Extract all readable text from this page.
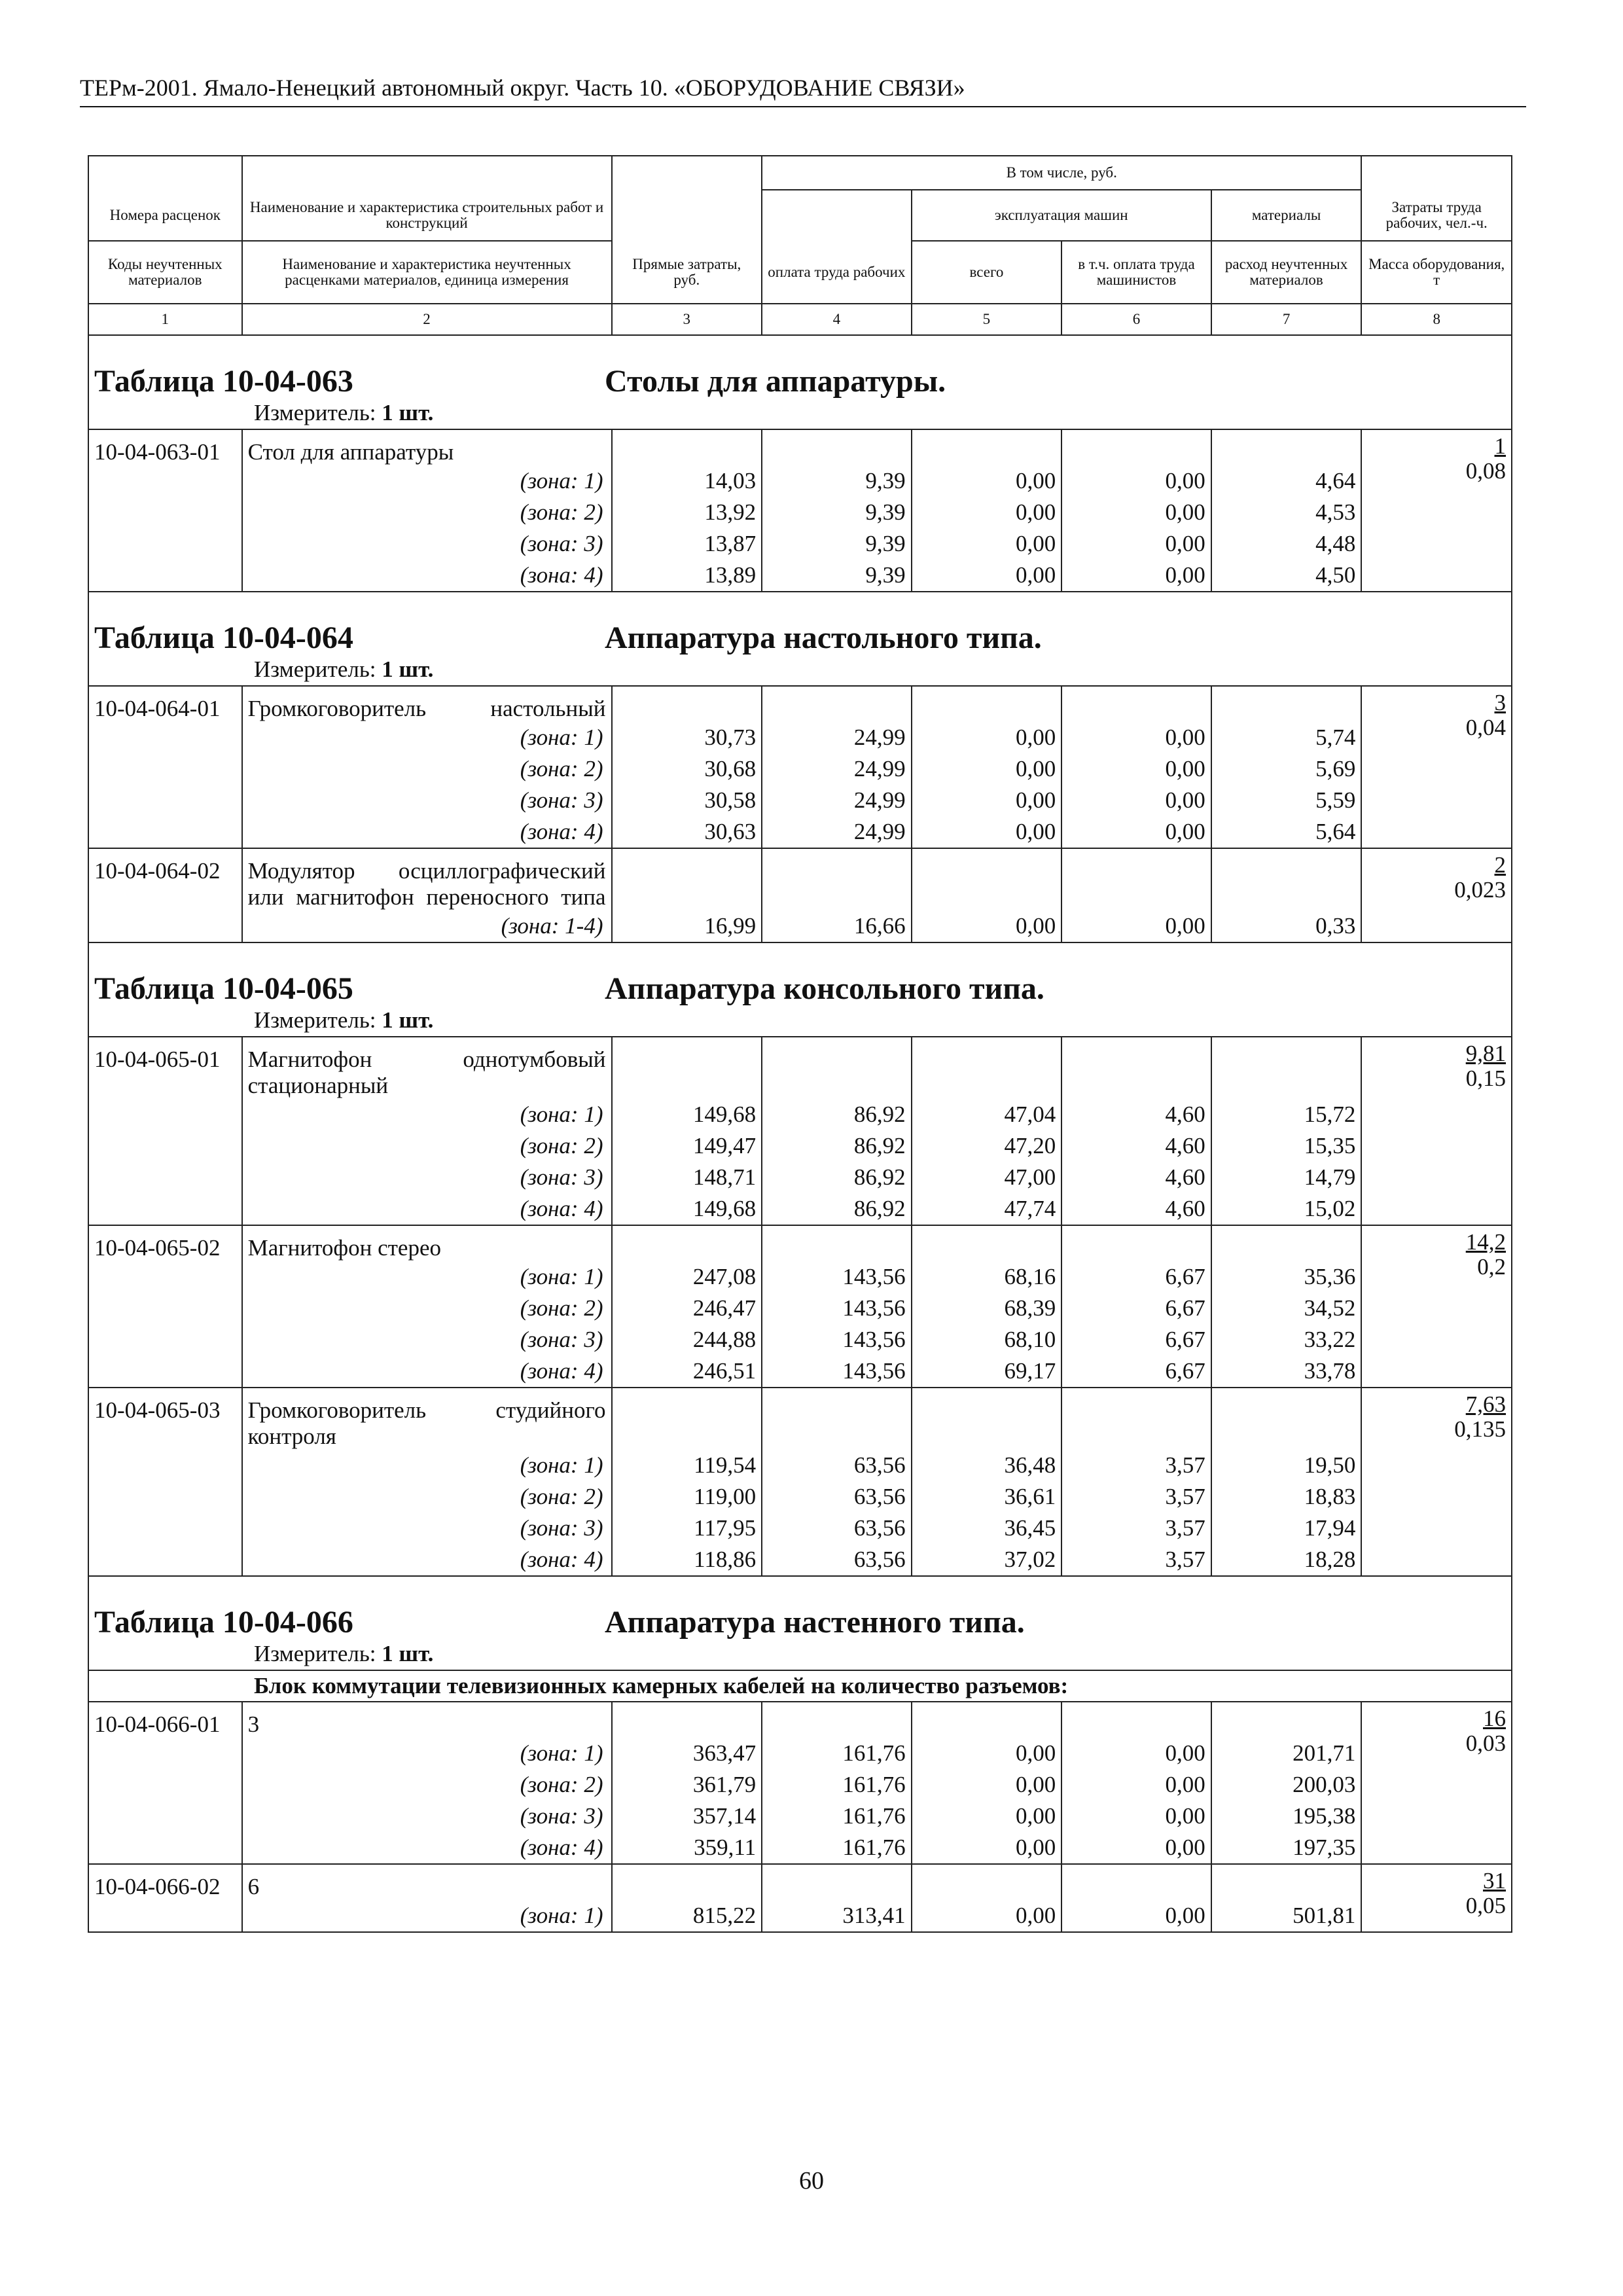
ТЕРм-2001. Ямало-Ненецкий автономный округ. Часть 10. «ОБОРУДОВАНИЕ СВЯЗИ»
			В том числе, руб.				
Номера расценок	Наименование и характеристика строительных работ и конструкций			эксплуатация машин		материалы	Затраты труда рабочих, чел.-ч.
Коды неучтенных материалов	Наименование и характеристика неучтенных расценками материалов, единица измерения	Прямые затраты, руб.	оплата труда рабочих	всего	в т.ч. оплата труда машинистов	расход неучтенных материалов	Масса оборудования, т
1	2	3	4	5	6	7	8
Таблица 10-04-063 Столы для аппаратуры.							
Измеритель: 1 шт.							
10-04-063-01	Стол для аппаратуры						$\frac{1}{0,08}$
	(зона: 1)	14,03	9,39	0,00	0,00	4,64	
	(зона: 2)	13,92	9,39	0,00	0,00	4,53	
	(зона: 3)	13,87	9,39	0,00	0,00	4,48	
	(зона: 4)	13,89	9,39	0,00	0,00	4,50	
Таблица 10-04-064 Аппаратура настольного типа.							
Измеритель: 1 шт.							
10-04-064-01	Громкоговоритель настольный						$\frac{3}{0,04}$
	(зона: 1)	30,73	24,99	0,00	0,00	5,74	
	(зона: 2)	30,68	24,99	0,00	0,00	5,69	
	(зона: 3)	30,58	24,99	0,00	0,00	5,59	
	(зона: 4)	30,63	24,99	0,00	0,00	5,64	
10-04-064-02	Модулятор осциллографический или магнитофон переносного типа						$\frac{2}{0,023}$
	(зона: 1-4)	16,99	16,66	0,00	0,00	0,33	
Таблица 10-04-065 Аппаратура консольного типа.							
Измеритель: 1 шт.							
10-04-065-01	Магнитофон однотумбовый стационарный						$\frac{9,81}{0,15}$
	(зона: 1)	149,68	86,92	47,04	4,60	15,72	
	(зона: 2)	149,47	86,92	47,20	4,60	15,35	
	(зона: 3)	148,71	86,92	47,00	4,60	14,79	
	(зона: 4)	149,68	86,92	47,74	4,60	15,02	
10-04-065-02	Магнитофон стерео						$\frac{14,2}{0,2}$
	(зона: 1)	247,08	143,56	68,16	6,67	35,36	
	(зона: 2)	246,47	143,56	68,39	6,67	34,52	
	(зона: 3)	244,88	143,56	68,10	6,67	33,22	
	(зона: 4)	246,51	143,56	69,17	6,67	33,78	
10-04-065-03	Громкоговоритель студийного контроля						$\frac{7,63}{0,135}$
	(зона: 1)	119,54	63,56	36,48	3,57	19,50	
	(зона: 2)	119,00	63,56	36,61	3,57	18,83	
	(зона: 3)	117,95	63,56	36,45	3,57	17,94	
	(зона: 4)	118,86	63,56	37,02	3,57	18,28	
Таблица 10-04-066 Аппаратура настенного типа.							
Измеритель: 1 шт.							
Блок коммутации телевизионных камерных кабелей на количество разъемов:							
10-04-066-01	3						$\frac{16}{0,03}$
	(зона: 1)	363,47	161,76	0,00	0,00	201,71	
	(зона: 2)	361,79	161,76	0,00	0,00	200,03	
	(зона: 3)	357,14	161,76	0,00	0,00	195,38	
	(зона: 4)	359,11	161,76	0,00	0,00	197,35	
10-04-066-02	6						$\frac{31}{0,05}$
	(зона: 1)	815,22	313,41	0,00	0,00	501,81	
60
